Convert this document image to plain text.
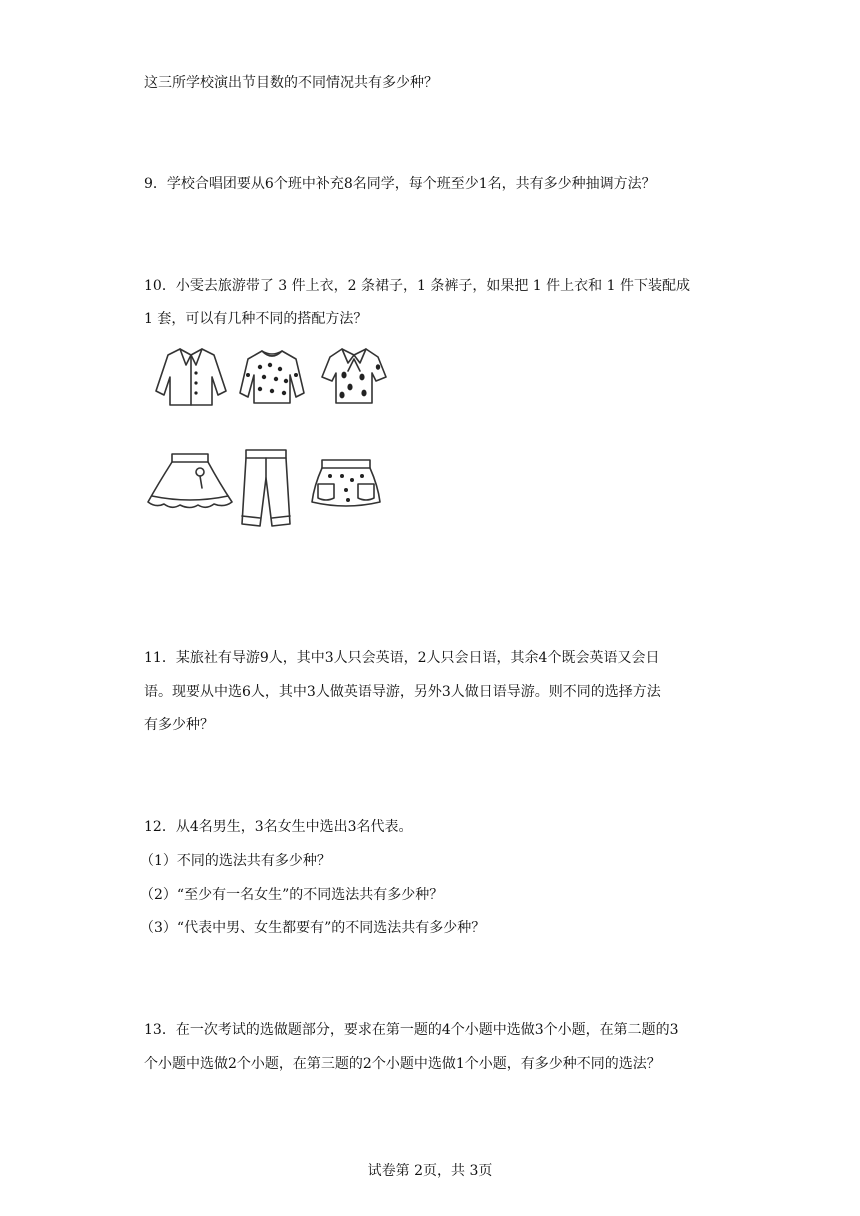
这三所学校演出节目数的不同情况共有多少种？
9．学校合唱团要从6个班中补充8名同学，每个班至少1名，共有多少种抽调方法？
10．小雯去旅游带了 3 件上衣，2 条裙子，1 条裤子，如果把 1 件上衣和 1 件下装配成
1 套，可以有几种不同的搭配方法？
11．某旅社有导游9人，其中3人只会英语，2人只会日语，其余4个既会英语又会日
语。现要从中选6人，其中3人做英语导游，另外3人做日语导游。则不同的选择方法
有多少种？
12．从4名男生，3名女生中选出3名代表。
（1）不同的选法共有多少种？
（2）“至少有一名女生”的不同选法共有多少种？
（3）“代表中男、女生都要有”的不同选法共有多少种？
13．在一次考试的选做题部分，要求在第一题的4个小题中选做3个小题，在第二题的3
个小题中选做2个小题，在第三题的2个小题中选做1个小题，有多少种不同的选法？
试卷第 2页，共 3页
